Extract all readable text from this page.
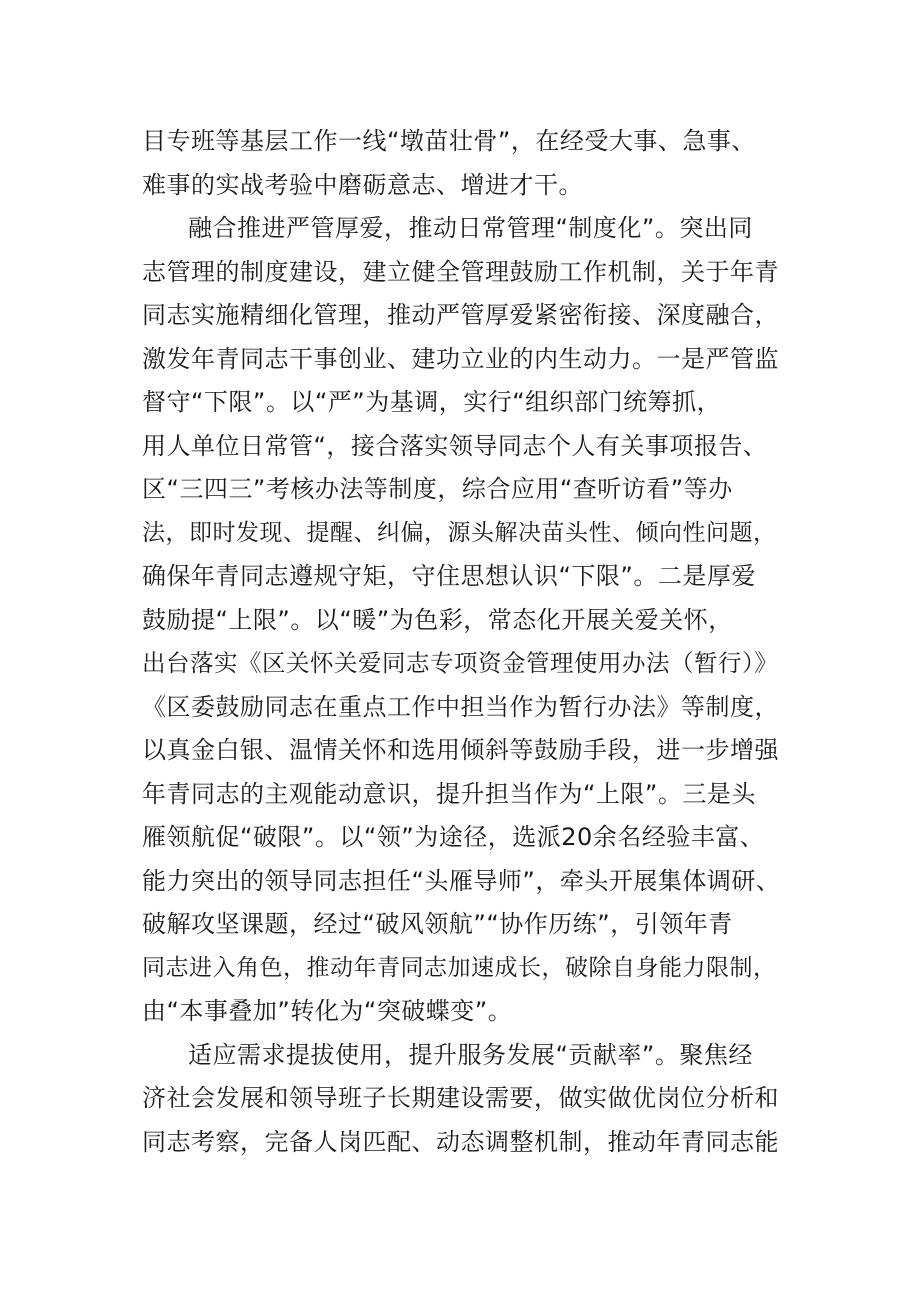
目专班等基层工作一线“墩苗壮骨”，在经受大事、急事、
难事的实战考验中磨砺意志、增进才干。
融合推进严管厚爱，推动日常管理“制度化”。突出同
志管理的制度建设，建立健全管理鼓励工作机制，关于年青
同志实施精细化管理，推动严管厚爱紧密衔接、深度融合，
激发年青同志干事创业、建功立业的内生动力。一是严管监
督守“下限”。以“严”为基调，实行“组织部门统筹抓，
用人单位日常管“，接合落实领导同志个人有关事项报告、
区“三四三”考核办法等制度，综合应用“查听访看”等办
法，即时发现、提醒、纠偏，源头解决苗头性、倾向性问题，
确保年青同志遵规守矩，守住思想认识“下限”。二是厚爱
鼓励提“上限”。以“暖”为色彩，常态化开展关爱关怀，
出台落实《区关怀关爱同志专项资金管理使用办法（暂行）》
《区委鼓励同志在重点工作中担当作为暂行办法》等制度，
以真金白银、温情关怀和选用倾斜等鼓励手段，进一步增强
年青同志的主观能动意识，提升担当作为“上限”。三是头
雁领航促“破限”。以“领”为途径，选派20余名经验丰富、
能力突出的领导同志担任“头雁导师”，牵头开展集体调研、
破解攻坚课题，经过“破风领航”“协作历练”，引领年青
同志进入角色，推动年青同志加速成长，破除自身能力限制，
由“本事叠加”转化为“突破蝶变”。
适应需求提拔使用，提升服务发展“贡献率”。聚焦经
济社会发展和领导班子长期建设需要，做实做优岗位分析和
同志考察，完备人岗匹配、动态调整机制，推动年青同志能
